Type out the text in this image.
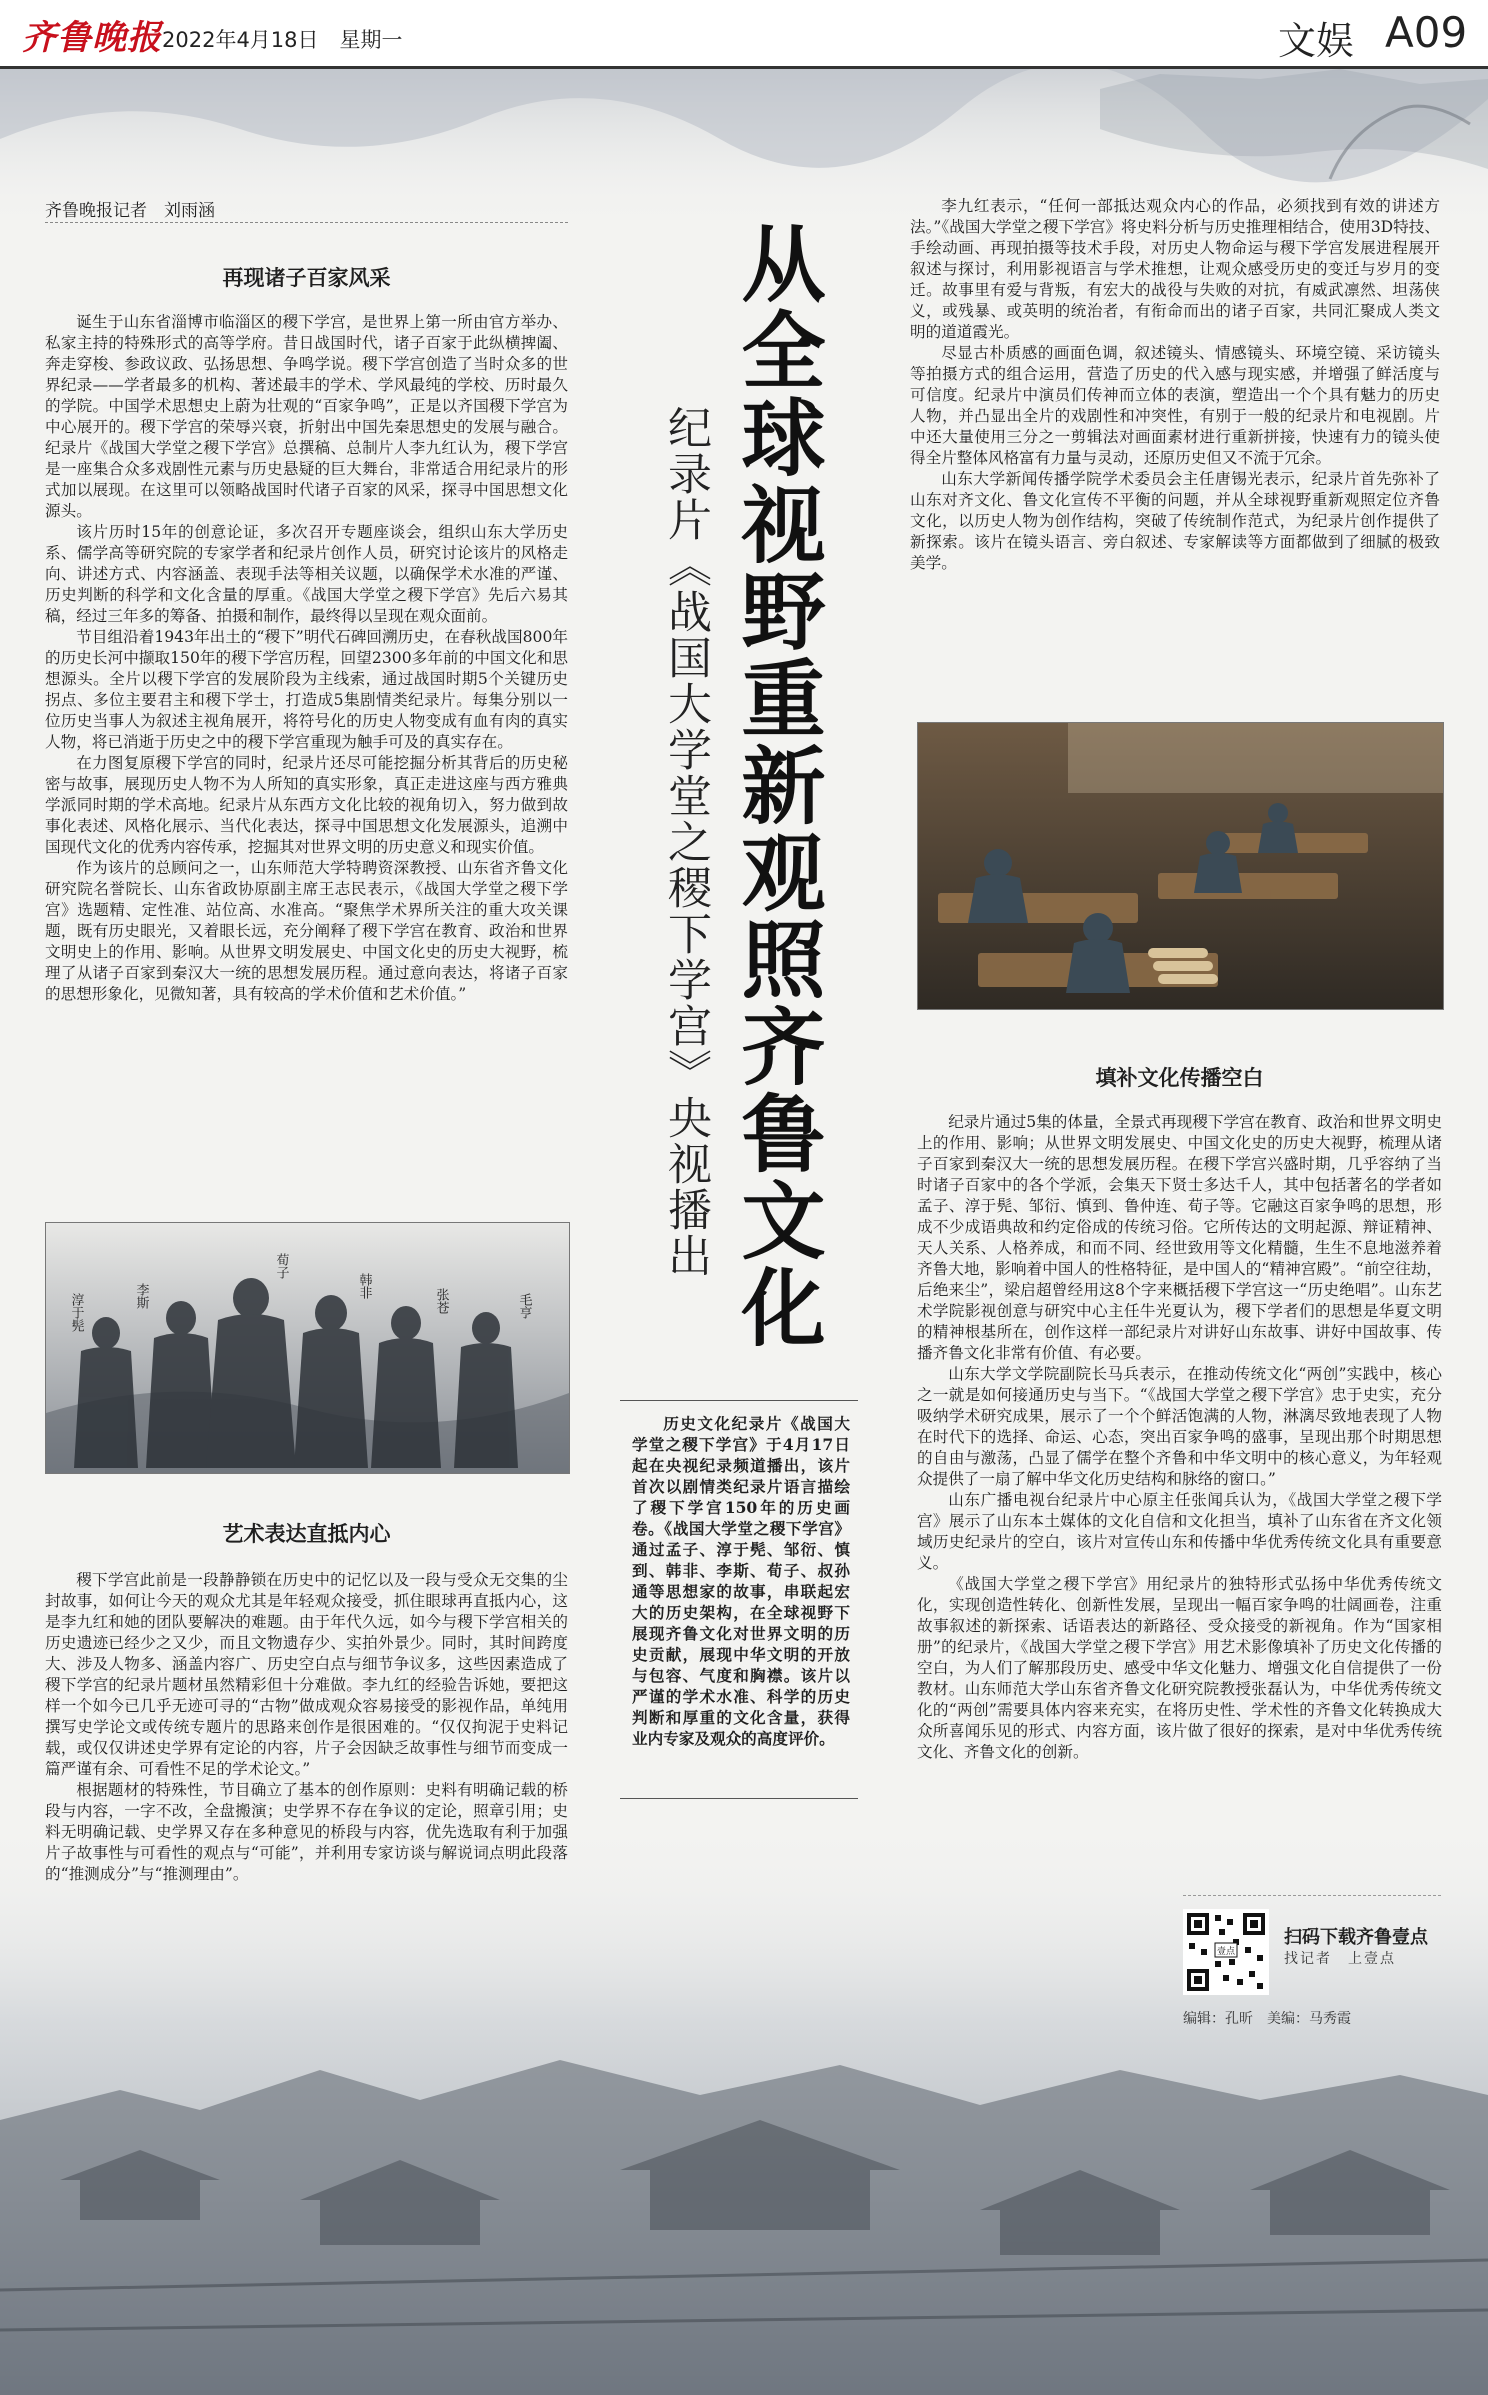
齐鲁晚报 2022年4月18日　星期一	文娱 A09
齐鲁晚报记者　刘雨涵
再现诸子百家风采

诞生于山东省淄博市临淄区的稷下学宫，是世界上第一所由官方举办、私家主持的特殊形式的高等学府。昔日战国时代，诸子百家于此纵横捭阖、奔走穿梭、参政议政、弘扬思想、争鸣学说。稷下学宫创造了当时众多的世界纪录——学者最多的机构、著述最丰的学术、学风最纯的学校、历时最久的学院。中国学术思想史上蔚为壮观的“百家争鸣”，正是以齐国稷下学宫为中心展开的。稷下学宫的荣辱兴衰，折射出中国先秦思想史的发展与融合。纪录片《战国大学堂之稷下学宫》总撰稿、总制片人李九红认为，稷下学宫是一座集合众多戏剧性元素与历史悬疑的巨大舞台，非常适合用纪录片的形式加以展现。在这里可以领略战国时代诸子百家的风采，探寻中国思想文化源头。

该片历时15年的创意论证，多次召开专题座谈会，组织山东大学历史系、儒学高等研究院的专家学者和纪录片创作人员，研究讨论该片的风格走向、讲述方式、内容涵盖、表现手法等相关议题，以确保学术水准的严谨、历史判断的科学和文化含量的厚重。《战国大学堂之稷下学宫》先后六易其稿，经过三年多的筹备、拍摄和制作，最终得以呈现在观众面前。

节目组沿着1943年出土的“稷下”明代石碑回溯历史，在春秋战国800年的历史长河中撷取150年的稷下学宫历程，回望2300多年前的中国文化和思想源头。全片以稷下学宫的发展阶段为主线索，通过战国时期5个关键历史拐点、多位主要君主和稷下学士，打造成5集剧情类纪录片。每集分别以一位历史当事人为叙述主视角展开，将符号化的历史人物变成有血有肉的真实人物，将已消逝于历史之中的稷下学宫重现为触手可及的真实存在。

在力图复原稷下学宫的同时，纪录片还尽可能挖掘分析其背后的历史秘密与故事，展现历史人物不为人所知的真实形象，真正走进这座与西方雅典学派同时期的学术高地。纪录片从东西方文化比较的视角切入，努力做到故事化表述、风格化展示、当代化表达，探寻中国思想文化发展源头，追溯中国现代文化的优秀内容传承，挖掘其对世界文明的历史意义和现实价值。

作为该片的总顾问之一，山东师范大学特聘资深教授、山东省齐鲁文化研究院名誉院长、山东省政协原副主席王志民表示，《战国大学堂之稷下学宫》选题精、定性准、站位高、水准高。“聚焦学术界所关注的重大攻关课题，既有历史眼光，又着眼长远，充分阐释了稷下学宫在教育、政治和世界文明史上的作用、影响。从世界文明发展史、中国文化史的历史大视野，梳理了从诸子百家到秦汉大一统的思想发展历程。通过意向表达，将诸子百家的思想形象化，见微知著，具有较高的学术价值和艺术价值。”

李斯
淳于髡
荀子
韩非
张苍	毛亨
艺术表达直抵内心

稷下学宫此前是一段静静锁在历史中的记忆以及一段与受众无交集的尘封故事，如何让今天的观众尤其是年轻观众接受，抓住眼球再直抵内心，这是李九红和她的团队要解决的难题。由于年代久远，如今与稷下学宫相关的历史遗迹已经少之又少，而且文物遗存少、实拍外景少。同时，其时间跨度大、涉及人物多、涵盖内容广、历史空白点与细节争议多，这些因素造成了稷下学宫的纪录片题材虽然精彩但十分难做。李九红的经验告诉她，要把这样一个如今已几乎无迹可寻的“古物”做成观众容易接受的影视作品，单纯用撰写史学论文或传统专题片的思路来创作是很困难的。“仅仅拘泥于史料记载，或仅仅讲述史学界有定论的内容，片子会因缺乏故事性与细节而变成一篇严谨有余、可看性不足的学术论文。”

根据题材的特殊性，节目确立了基本的创作原则：史料有明确记载的桥段与内容，一字不改，全盘搬演；史学界不存在争议的定论，照章引用；史料无明确记载、史学界又存在多种意见的桥段与内容，优先选取有利于加强片子故事性与可看性的观点与“可能”，并利用专家访谈与解说词点明此段落的“推测成分”与“推测理由”。

从全球视野重新观照齐鲁文化
纪录片《战国大学堂之稷下学宫》央视播出
历史文化纪录片《战国大学堂之稷下学宫》于4月17日起在央视纪录频道播出，该片首次以剧情类纪录片语言描绘了稷下学宫150年的历史画卷。《战国大学堂之稷下学宫》通过孟子、淳于髡、邹衍、慎到、韩非、李斯、荀子、叔孙通等思想家的故事，串联起宏大的历史架构，在全球视野下展现齐鲁文化对世界文明的历史贡献，展现中华文明的开放与包容、气度和胸襟。该片以严谨的学术水准、科学的历史判断和厚重的文化含量，获得业内专家及观众的高度评价。

李九红表示，“任何一部抵达观众内心的作品，必须找到有效的讲述方法。”《战国大学堂之稷下学宫》将史料分析与历史推理相结合，使用3D特技、手绘动画、再现拍摄等技术手段，对历史人物命运与稷下学宫发展进程展开叙述与探讨，利用影视语言与学术推想，让观众感受历史的变迁与岁月的变迁。故事里有爱与背叛，有宏大的战役与失败的对抗，有威武凛然、坦荡侠义，或残暴、或英明的统治者，有衔命而出的诸子百家，共同汇聚成人类文明的道道霞光。

尽显古朴质感的画面色调，叙述镜头、情感镜头、环境空镜、采访镜头等拍摄方式的组合运用，营造了历史的代入感与现实感，并增强了鲜活度与可信度。纪录片中演员们传神而立体的表演，塑造出一个个具有魅力的历史人物，并凸显出全片的戏剧性和冲突性，有别于一般的纪录片和电视剧。片中还大量使用三分之一剪辑法对画面素材进行重新拼接，快速有力的镜头使得全片整体风格富有力量与灵动，还原历史但又不流于冗余。

山东大学新闻传播学院学术委员会主任唐锡光表示，纪录片首先弥补了山东对齐文化、鲁文化宣传不平衡的问题，并从全球视野重新观照定位齐鲁文化，以历史人物为创作结构，突破了传统制作范式，为纪录片创作提供了新探索。该片在镜头语言、旁白叙述、专家解读等方面都做到了细腻的极致美学。

填补文化传播空白

纪录片通过5集的体量，全景式再现稷下学宫在教育、政治和世界文明史上的作用、影响；从世界文明发展史、中国文化史的历史大视野，梳理从诸子百家到秦汉大一统的思想发展历程。在稷下学宫兴盛时期，几乎容纳了当时诸子百家中的各个学派，会集天下贤士多达千人，其中包括著名的学者如孟子、淳于髡、邹衍、慎到、鲁仲连、荀子等。它融这百家争鸣的思想，形成不少成语典故和约定俗成的传统习俗。它所传达的文明起源、辩证精神、天人关系、人格养成，和而不同、经世致用等文化精髓，生生不息地滋养着齐鲁大地，影响着中国人的性格特征，是中国人的“精神宫殿”。“前空往劫，后绝来尘”，梁启超曾经用这8个字来概括稷下学宫这一“历史绝唱”。山东艺术学院影视创意与研究中心主任牛光夏认为，稷下学者们的思想是华夏文明的精神根基所在，创作这样一部纪录片对讲好山东故事、讲好中国故事、传播齐鲁文化非常有价值、有必要。

山东大学文学院副院长马兵表示，在推动传统文化“两创”实践中，核心之一就是如何接通历史与当下。“《战国大学堂之稷下学宫》忠于史实，充分吸纳学术研究成果，展示了一个个鲜活饱满的人物，淋漓尽致地表现了人物在时代下的选择、命运、心态，突出百家争鸣的盛事，呈现出那个时期思想的自由与激荡，凸显了儒学在整个齐鲁和中华文明中的核心意义，为年轻观众提供了一扇了解中华文化历史结构和脉络的窗口。”

山东广播电视台纪录片中心原主任张闻兵认为，《战国大学堂之稷下学宫》展示了山东本土媒体的文化自信和文化担当，填补了山东省在齐文化领域历史纪录片的空白，该片对宣传山东和传播中华优秀传统文化具有重要意义。

《战国大学堂之稷下学宫》用纪录片的独特形式弘扬中华优秀传统文化，实现创造性转化、创新性发展，呈现出一幅百家争鸣的壮阔画卷，注重故事叙述的新探索、话语表达的新路径、受众接受的新视角。作为“国家相册”的纪录片，《战国大学堂之稷下学宫》用艺术影像填补了历史文化传播的空白，为人们了解那段历史、感受中华文化魅力、增强文化自信提供了一份教材。山东师范大学山东省齐鲁文化研究院教授张磊认为，中华优秀传统文化的“两创”需要具体内容来充实，在将历史性、学术性的齐鲁文化转换成大众所喜闻乐见的形式、内容方面，该片做了很好的探索，是对中华优秀传统文化、齐鲁文化的创新。

壹点
扫码下载齐鲁壹点
找记者　上壹点
编辑：孔昕　美编：马秀霞
